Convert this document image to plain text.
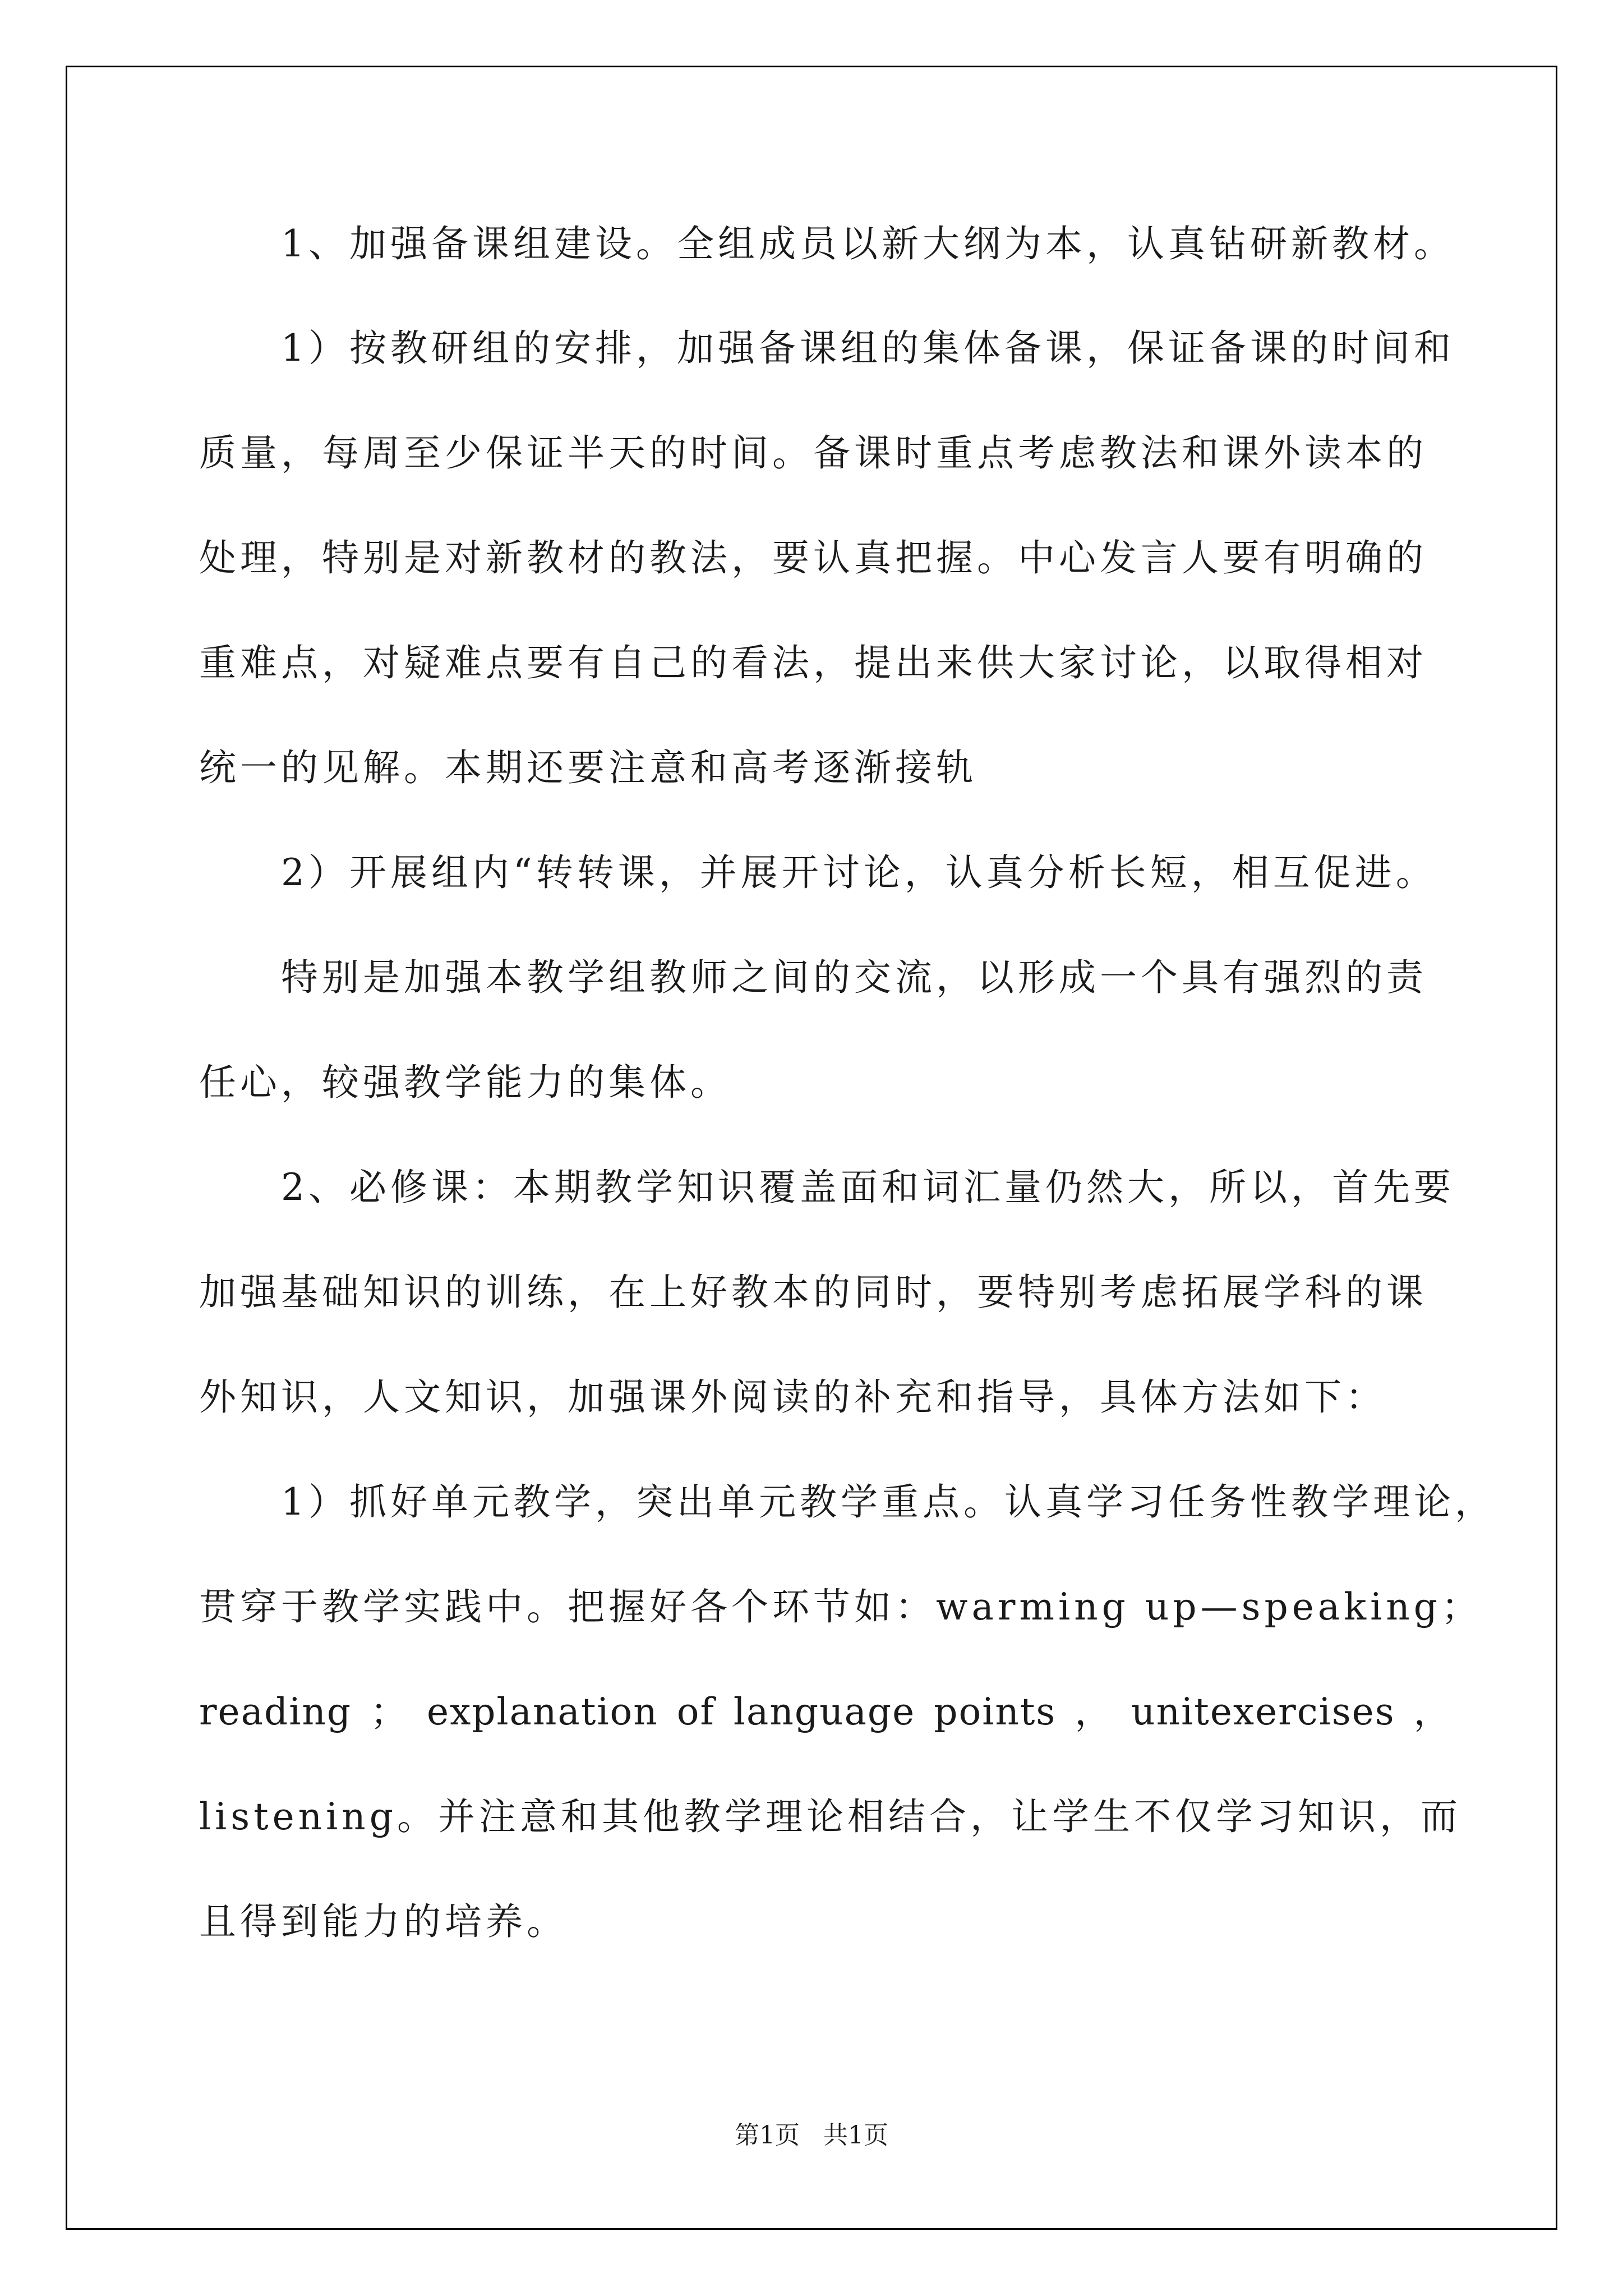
　　1、加强备课组建设。全组成员以新大纲为本，认真钻研新教材。
　　1）按教研组的安排，加强备课组的集体备课，保证备课的时间和
质量，每周至少保证半天的时间。备课时重点考虑教法和课外读本的
处理，特别是对新教材的教法，要认真把握。中心发言人要有明确的
重难点，对疑难点要有自己的看法，提出来供大家讨论，以取得相对
统一的见解。本期还要注意和高考逐渐接轨
　　2）开展组内“转转课，并展开讨论，认真分析长短，相互促进。
　　特别是加强本教学组教师之间的交流，以形成一个具有强烈的责
任心，较强教学能力的集体。
　　2、必修课：本期教学知识覆盖面和词汇量仍然大，所以，首先要
加强基础知识的训练，在上好教本的同时，要特别考虑拓展学科的课
外知识，人文知识，加强课外阅读的补充和指导，具体方法如下：
　　1）抓好单元教学，突出单元教学重点。认真学习任务性教学理论，
贯穿于教学实践中。把握好各个环节如：warming up—speaking；
reading ； explanation of language points ， unitexercises ，
listening。并注意和其他教学理论相结合，让学生不仅学习知识，而
且得到能力的培养。
第1页 共1页
